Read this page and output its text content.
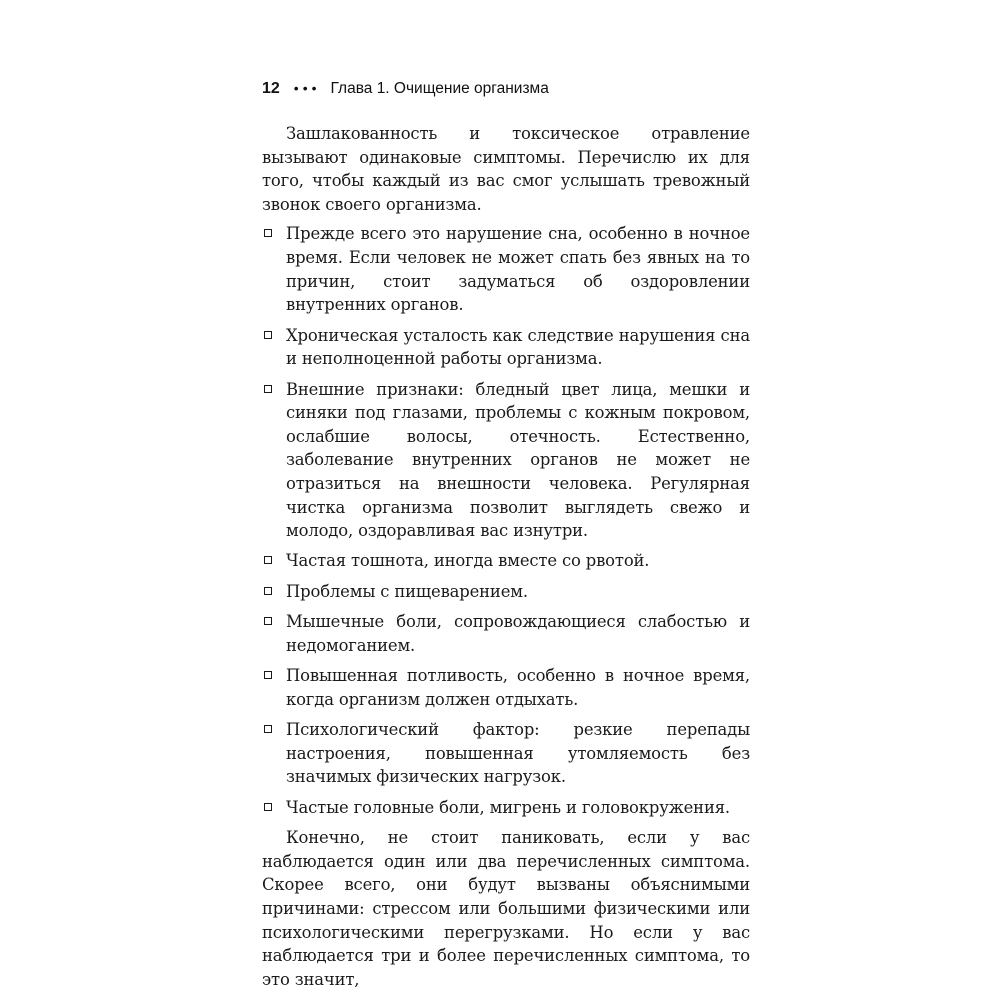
12 ••• Глава 1. Очищение организма

Зашлакованность и токсическое отравление вызывают одинаковые симптомы. Перечислю их для того, чтобы каждый из вас смог услышать тревожный звонок своего организма.

Прежде всего это нарушение сна, особенно в ночное время. Если человек не может спать без явных на то причин, стоит задуматься об оздоровлении внутренних органов.
Хроническая усталость как следствие нарушения сна и неполноценной работы организма.
Внешние признаки: бледный цвет лица, мешки и синяки под глазами, проблемы с кожным покровом, ослабшие волосы, отечность. Естественно, заболевание внутренних органов не может не отразиться на внешности человека. Регулярная чистка организма позволит выглядеть свежо и молодо, оздоравливая вас изнутри.
Частая тошнота, иногда вместе со рвотой.
Проблемы с пищеварением.
Мышечные боли, сопровождающиеся слабостью и недомоганием.
Повышенная потливость, особенно в ночное время, когда организм должен отдыхать.
Психологический фактор: резкие перепады настроения, повышенная утомляемость без значимых физических нагрузок.
Частые головные боли, мигрень и головокружения.

Конечно, не стоит паниковать, если у вас наблюдается один или два перечисленных симптома. Скорее всего, они будут вызваны объяснимыми причинами: стрессом или большими физическими или психологическими перегрузками. Но если у вас наблюдается три и более перечисленных симптома, то это значит,
